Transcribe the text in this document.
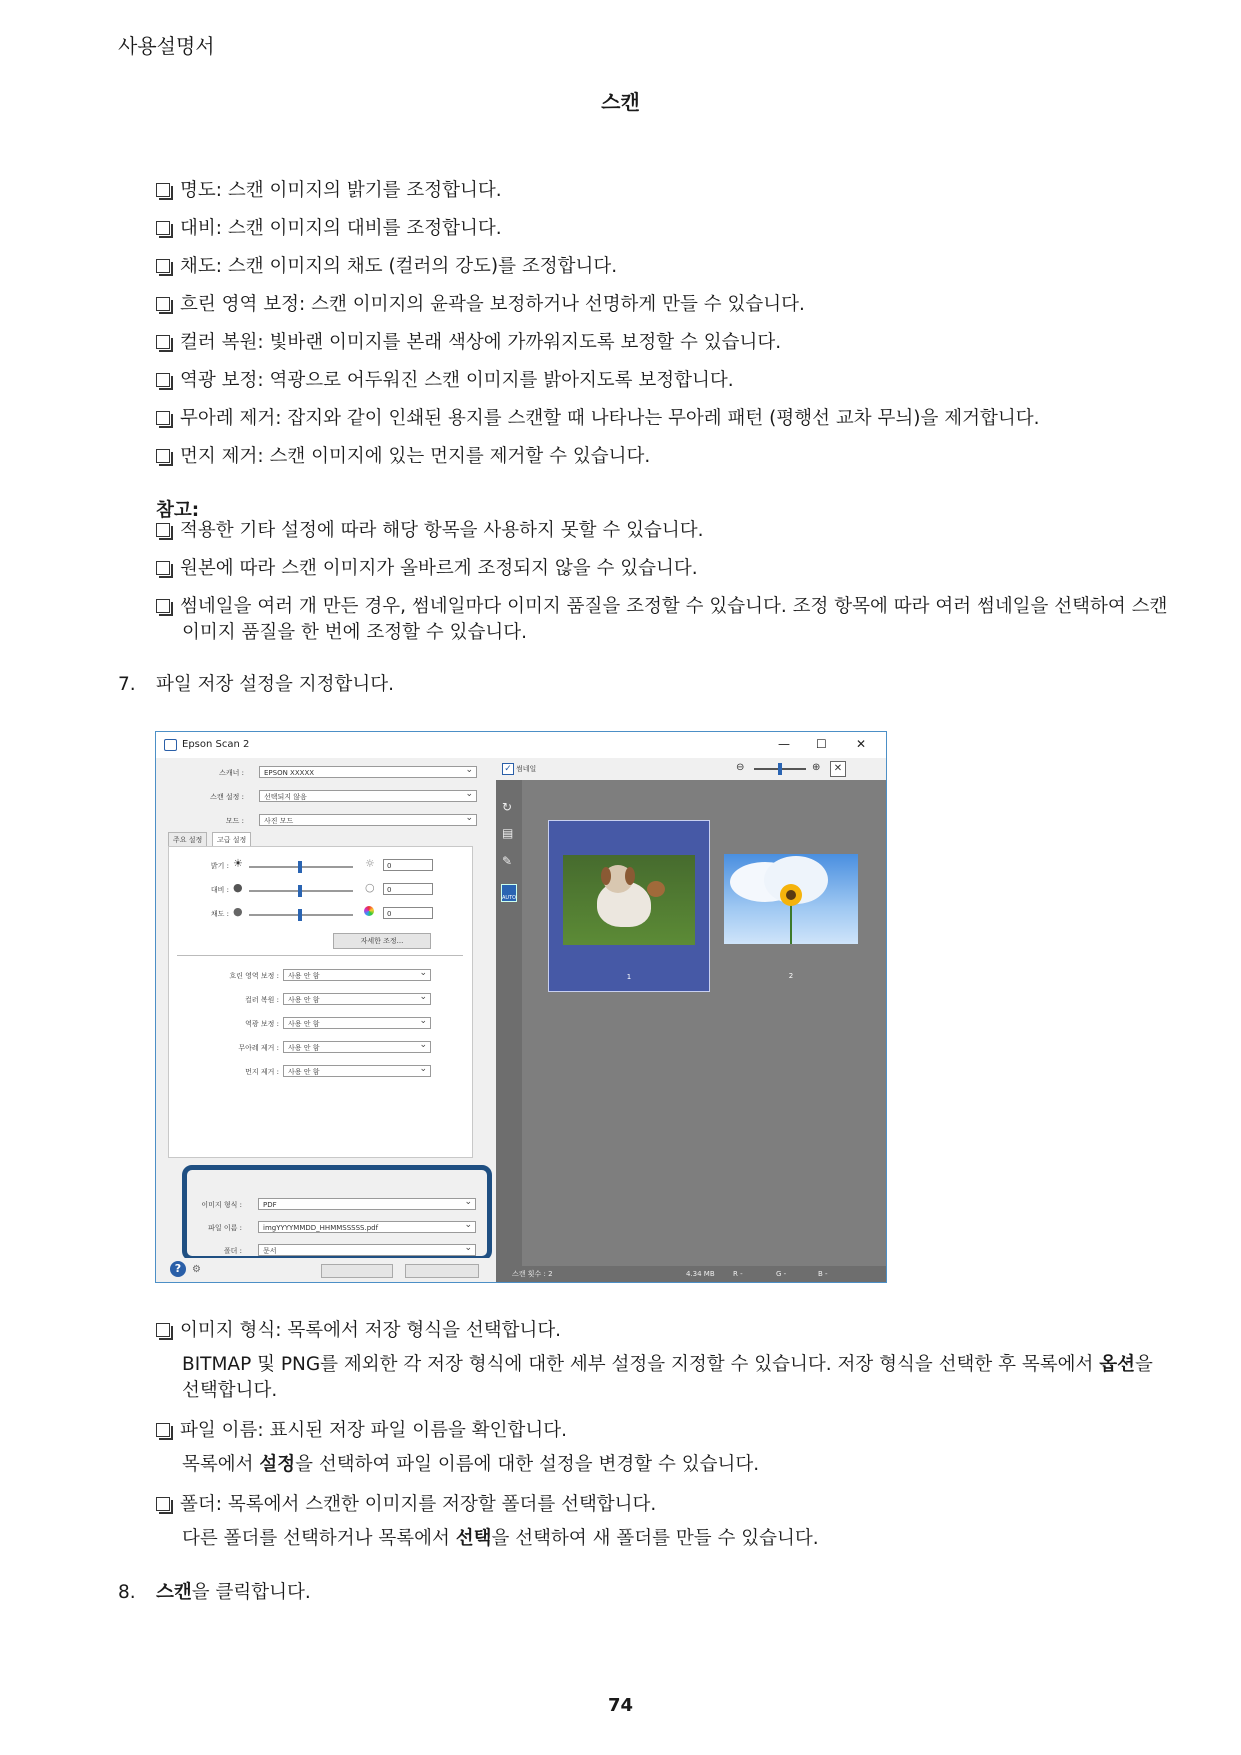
사용설명서
스캔
명도: 스캔 이미지의 밝기를 조정합니다.
대비: 스캔 이미지의 대비를 조정합니다.
채도: 스캔 이미지의 채도 (컬러의 강도)를 조정합니다.
흐린 영역 보정: 스캔 이미지의 윤곽을 보정하거나 선명하게 만들 수 있습니다.
컬러 복원: 빛바랜 이미지를 본래 색상에 가까워지도록 보정할 수 있습니다.
역광 보정: 역광으로 어두워진 스캔 이미지를 밝아지도록 보정합니다.
무아레 제거: 잡지와 같이 인쇄된 용지를 스캔할 때 나타나는 무아레 패턴 (평행선 교차 무늬)을 제거합니다.
먼지 제거: 스캔 이미지에 있는 먼지를 제거할 수 있습니다.
참고:
적용한 기타 설정에 따라 해당 항목을 사용하지 못할 수 있습니다.
원본에 따라 스캔 이미지가 올바르게 조정되지 않을 수 있습니다.
썸네일을 여러 개 만든 경우, 썸네일마다 이미지 품질을 조정할 수 있습니다. 조정 항목에 따라 여러 썸네일을 선택하여 스캔
이미지 품질을 한 번에 조정할 수 있습니다.
7. 파일 저장 설정을 지정합니다.
Epson Scan 2	— ☐ ✕
스캐너 :	EPSON XXXXX ⌄
스캔 설정 :	선택되지 않음 ⌄
모드 :	사진 모드 ⌄
주요 설정	고급 설정
밝기 : ☀	☼	0
대비 : ●	○	0
채도 : ●	0
자세한 조정...
흐린 영역 보정 :	사용 안 함 ⌄
컬러 복원 :	사용 안 함 ⌄
역광 보정 :	사용 안 함 ⌄
무아레 제거 :	사용 안 함 ⌄
먼지 제거 :	사용 안 함 ⌄
이미지 형식 :	PDF ⌄
파일 이름 :	imgYYYYMMDD_HHMMSSSSS.pdf ⌄
폴더 :	문서 ⌄
?	⚙
✓ 썸네일	⊖	⊕	✕
↻
▤
✎
AUTO
1	2
스캔 횟수 : 2	4.34 MB	R -	G -	B -
이미지 형식: 목록에서 저장 형식을 선택합니다.
BITMAP 및 PNG를 제외한 각 저장 형식에 대한 세부 설정을 지정할 수 있습니다. 저장 형식을 선택한 후 목록에서 옵션을
선택합니다.
파일 이름: 표시된 저장 파일 이름을 확인합니다.
목록에서 설정을 선택하여 파일 이름에 대한 설정을 변경할 수 있습니다.
폴더: 목록에서 스캔한 이미지를 저장할 폴더를 선택합니다.
다른 폴더를 선택하거나 목록에서 선택을 선택하여 새 폴더를 만들 수 있습니다.
8. 스캔을 클릭합니다.
74
